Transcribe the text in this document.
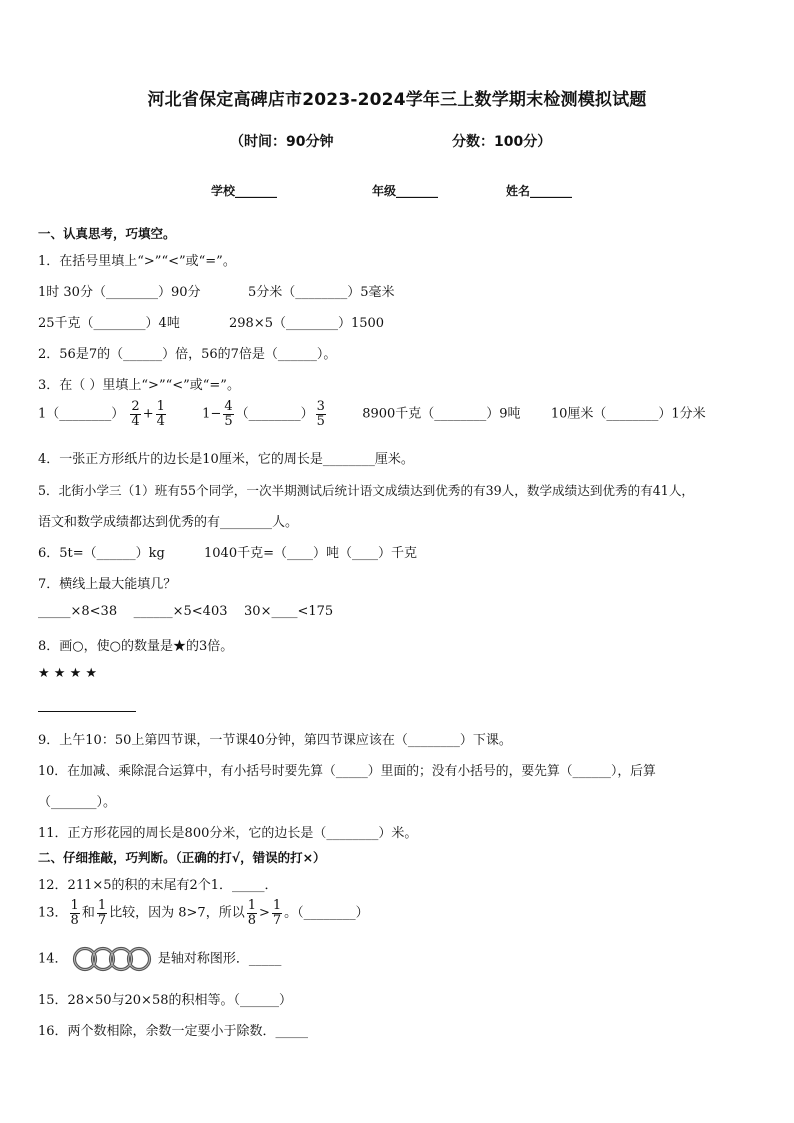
河北省保定高碑店市2023-2024学年三上数学期末检测模拟试题
（时间：90分钟	分数：100分）
学校_______	年级_______	姓名_______
一、认真思考，巧填空。
1．在括号里填上“>”“<”或“=”。
1时 30分（________）90分	5分米（________）5毫米
25千克（________）4吨	298×5（________）1500
2．56是7的（______）倍，56的7倍是（______）。
3．在（ ）里填上“>”“<”或“=”。
1（________） $\frac{2}{4} + \frac{1}{4}$	$1- \frac{4}{5}$ （________） $\frac{3}{5}$	8900千克（________）9吨 10厘米（________）1分米
4．一张正方形纸片的边长是10厘米，它的周长是________厘米。
5．北街小学三（1）班有55个同学，一次半期测试后统计语文成绩达到优秀的有39人，数学成绩达到优秀的有41人，
语文和数学成绩都达到优秀的有________人。
6．5t=（______）kg	1040千克=（____）吨（____）千克
7．横线上最大能填几？
_____×8<38    ______×5<403    30×____<175
8．画○，使○的数量是★的3倍。
★ ★ ★ ★
9．上午10：50上第四节课，一节课40分钟，第四节课应该在（________）下课。
10．在加减、乘除混合运算中，有小括号时要先算（_____）里面的；没有小括号的，要先算（______），后算
（_______）。
11．正方形花园的周长是800分米，它的边长是（________）米。
二、仔细推敲，巧判断。（正确的打√，错误的打×）
12．211×5的积的末尾有2个1．_____．
13． $\frac{1}{8}$ 和 $\frac{1}{7}$ 比较，因为 8>7，所以 $\frac{1}{8} > \frac{1}{7}$ 。（________）
14．	是轴对称图形．_____
15．28×50与20×58的积相等。（______）
16．两个数相除，余数一定要小于除数．_____
